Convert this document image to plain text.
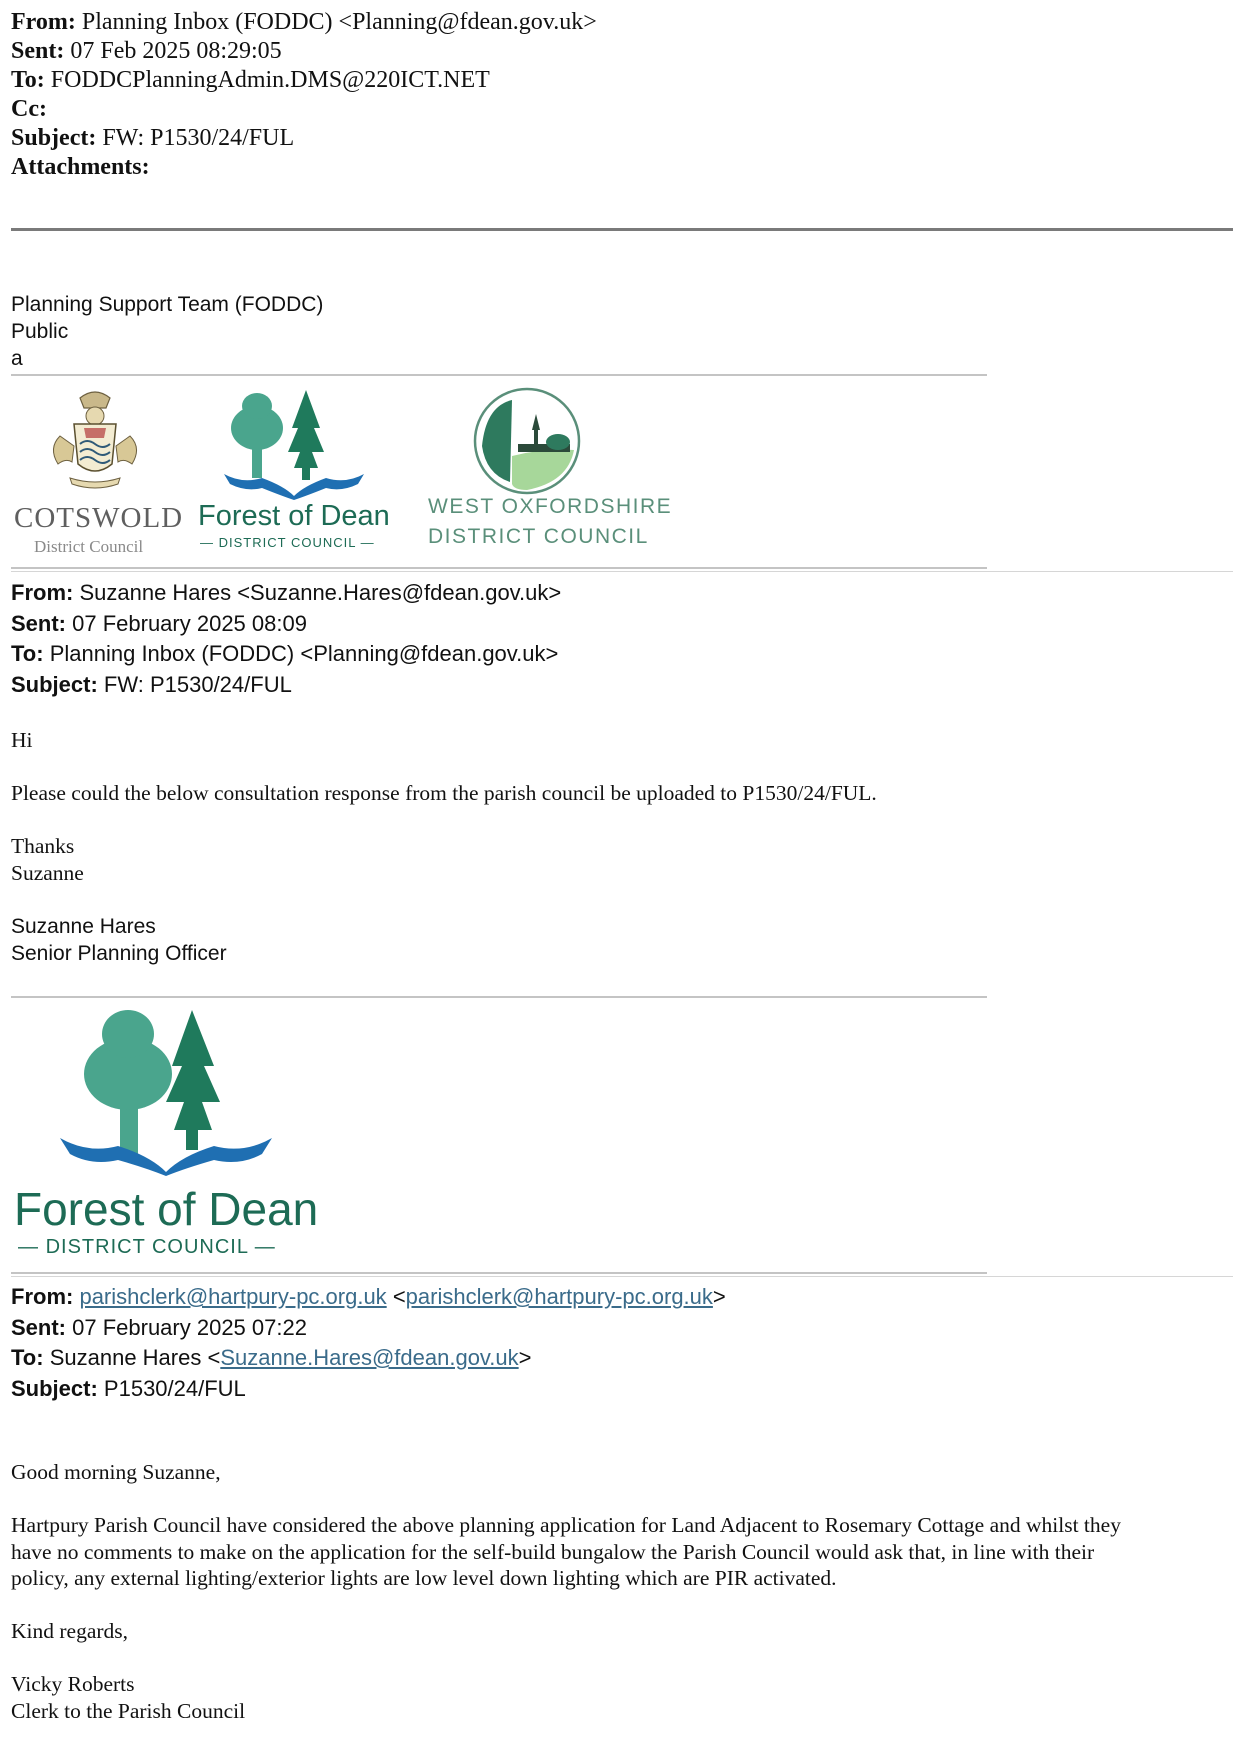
From: Planning Inbox (FODDC) <Planning@fdean.gov.uk>
Sent: 07 Feb 2025 08:29:05
To: FODDCPlanningAdmin.DMS@220ICT.NET
Cc:
Subject: FW: P1530/24/FUL
Attachments:
Planning Support Team (FODDC)
Public
a
COTSWOLD
District Council
Forest of Dean
— DISTRICT COUNCIL —
WEST OXFORDSHIRE
DISTRICT COUNCIL
From: Suzanne Hares <Suzanne.Hares@fdean.gov.uk>
Sent: 07 February 2025 08:09
To: Planning Inbox (FODDC) <Planning@fdean.gov.uk>
Subject: FW: P1530/24/FUL
Hi
Please could the below consultation response from the parish council be uploaded to P1530/24/FUL.
Thanks
Suzanne
Suzanne Hares
Senior Planning Officer
Forest of Dean
— DISTRICT COUNCIL —
From: parishclerk@hartpury-pc.org.uk <parishclerk@hartpury-pc.org.uk>
Sent: 07 February 2025 07:22
To: Suzanne Hares <Suzanne.Hares@fdean.gov.uk>
Subject: P1530/24/FUL
Good morning Suzanne,
Hartpury Parish Council have considered the above planning application for Land Adjacent to Rosemary Cottage and whilst they
have no comments to make on the application for the self-build bungalow the Parish Council would ask that, in line with their
policy, any external lighting/exterior lights are low level down lighting which are PIR activated.
Kind regards,
Vicky Roberts
Clerk to the Parish Council
